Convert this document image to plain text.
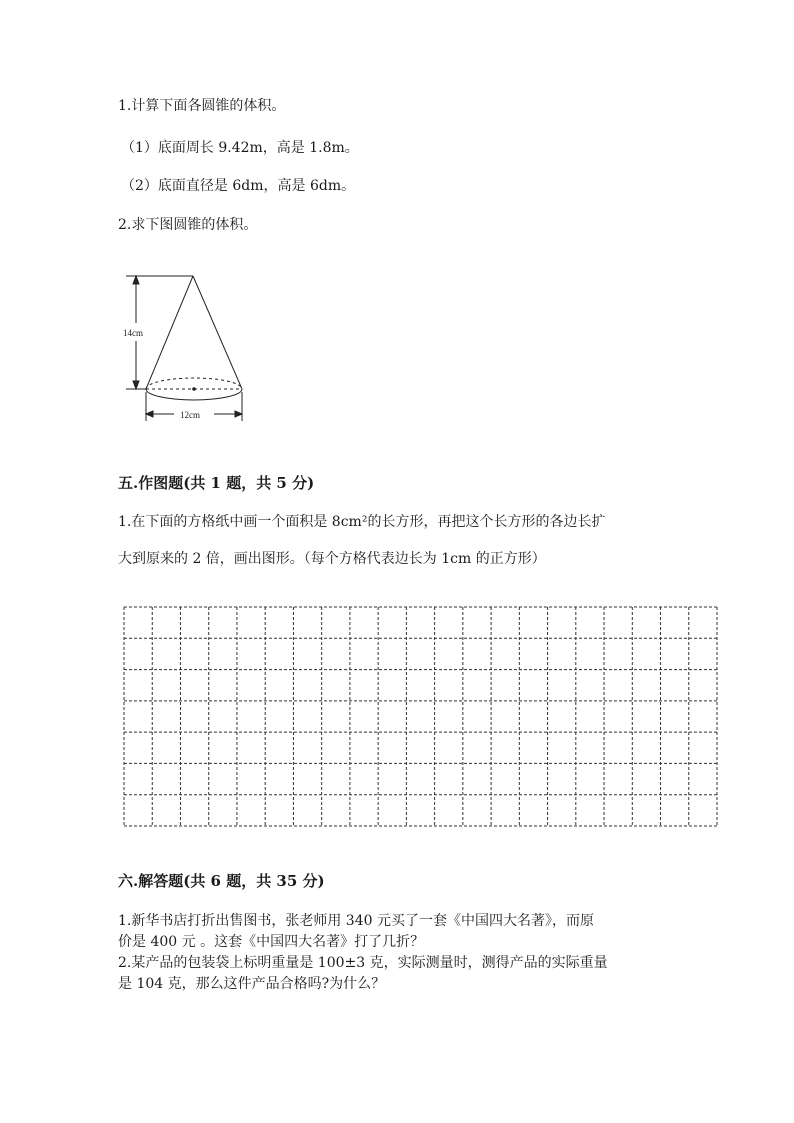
1.计算下面各圆锥的体积。
（1）底面周长 9.42m，高是 1.8m。
（2）底面直径是 6dm，高是 6dm。
2.求下图圆锥的体积。
14cm
12cm
五.作图题(共 1 题，共 5 分)
1.在下面的方格纸中画一个面积是 8cm²的长方形，再把这个长方形的各边长扩
大到原来的 2 倍，画出图形。（每个方格代表边长为 1cm 的正方形）
六.解答题(共 6 题，共 35 分)
1.新华书店打折出售图书，张老师用 340 元买了一套《中国四大名著》，而原
价是 400 元 。这套《中国四大名著》打了几折？
2.某产品的包装袋上标明重量是 100±3 克，实际测量时，测得产品的实际重量
是 104 克，那么这件产品合格吗?为什么？
